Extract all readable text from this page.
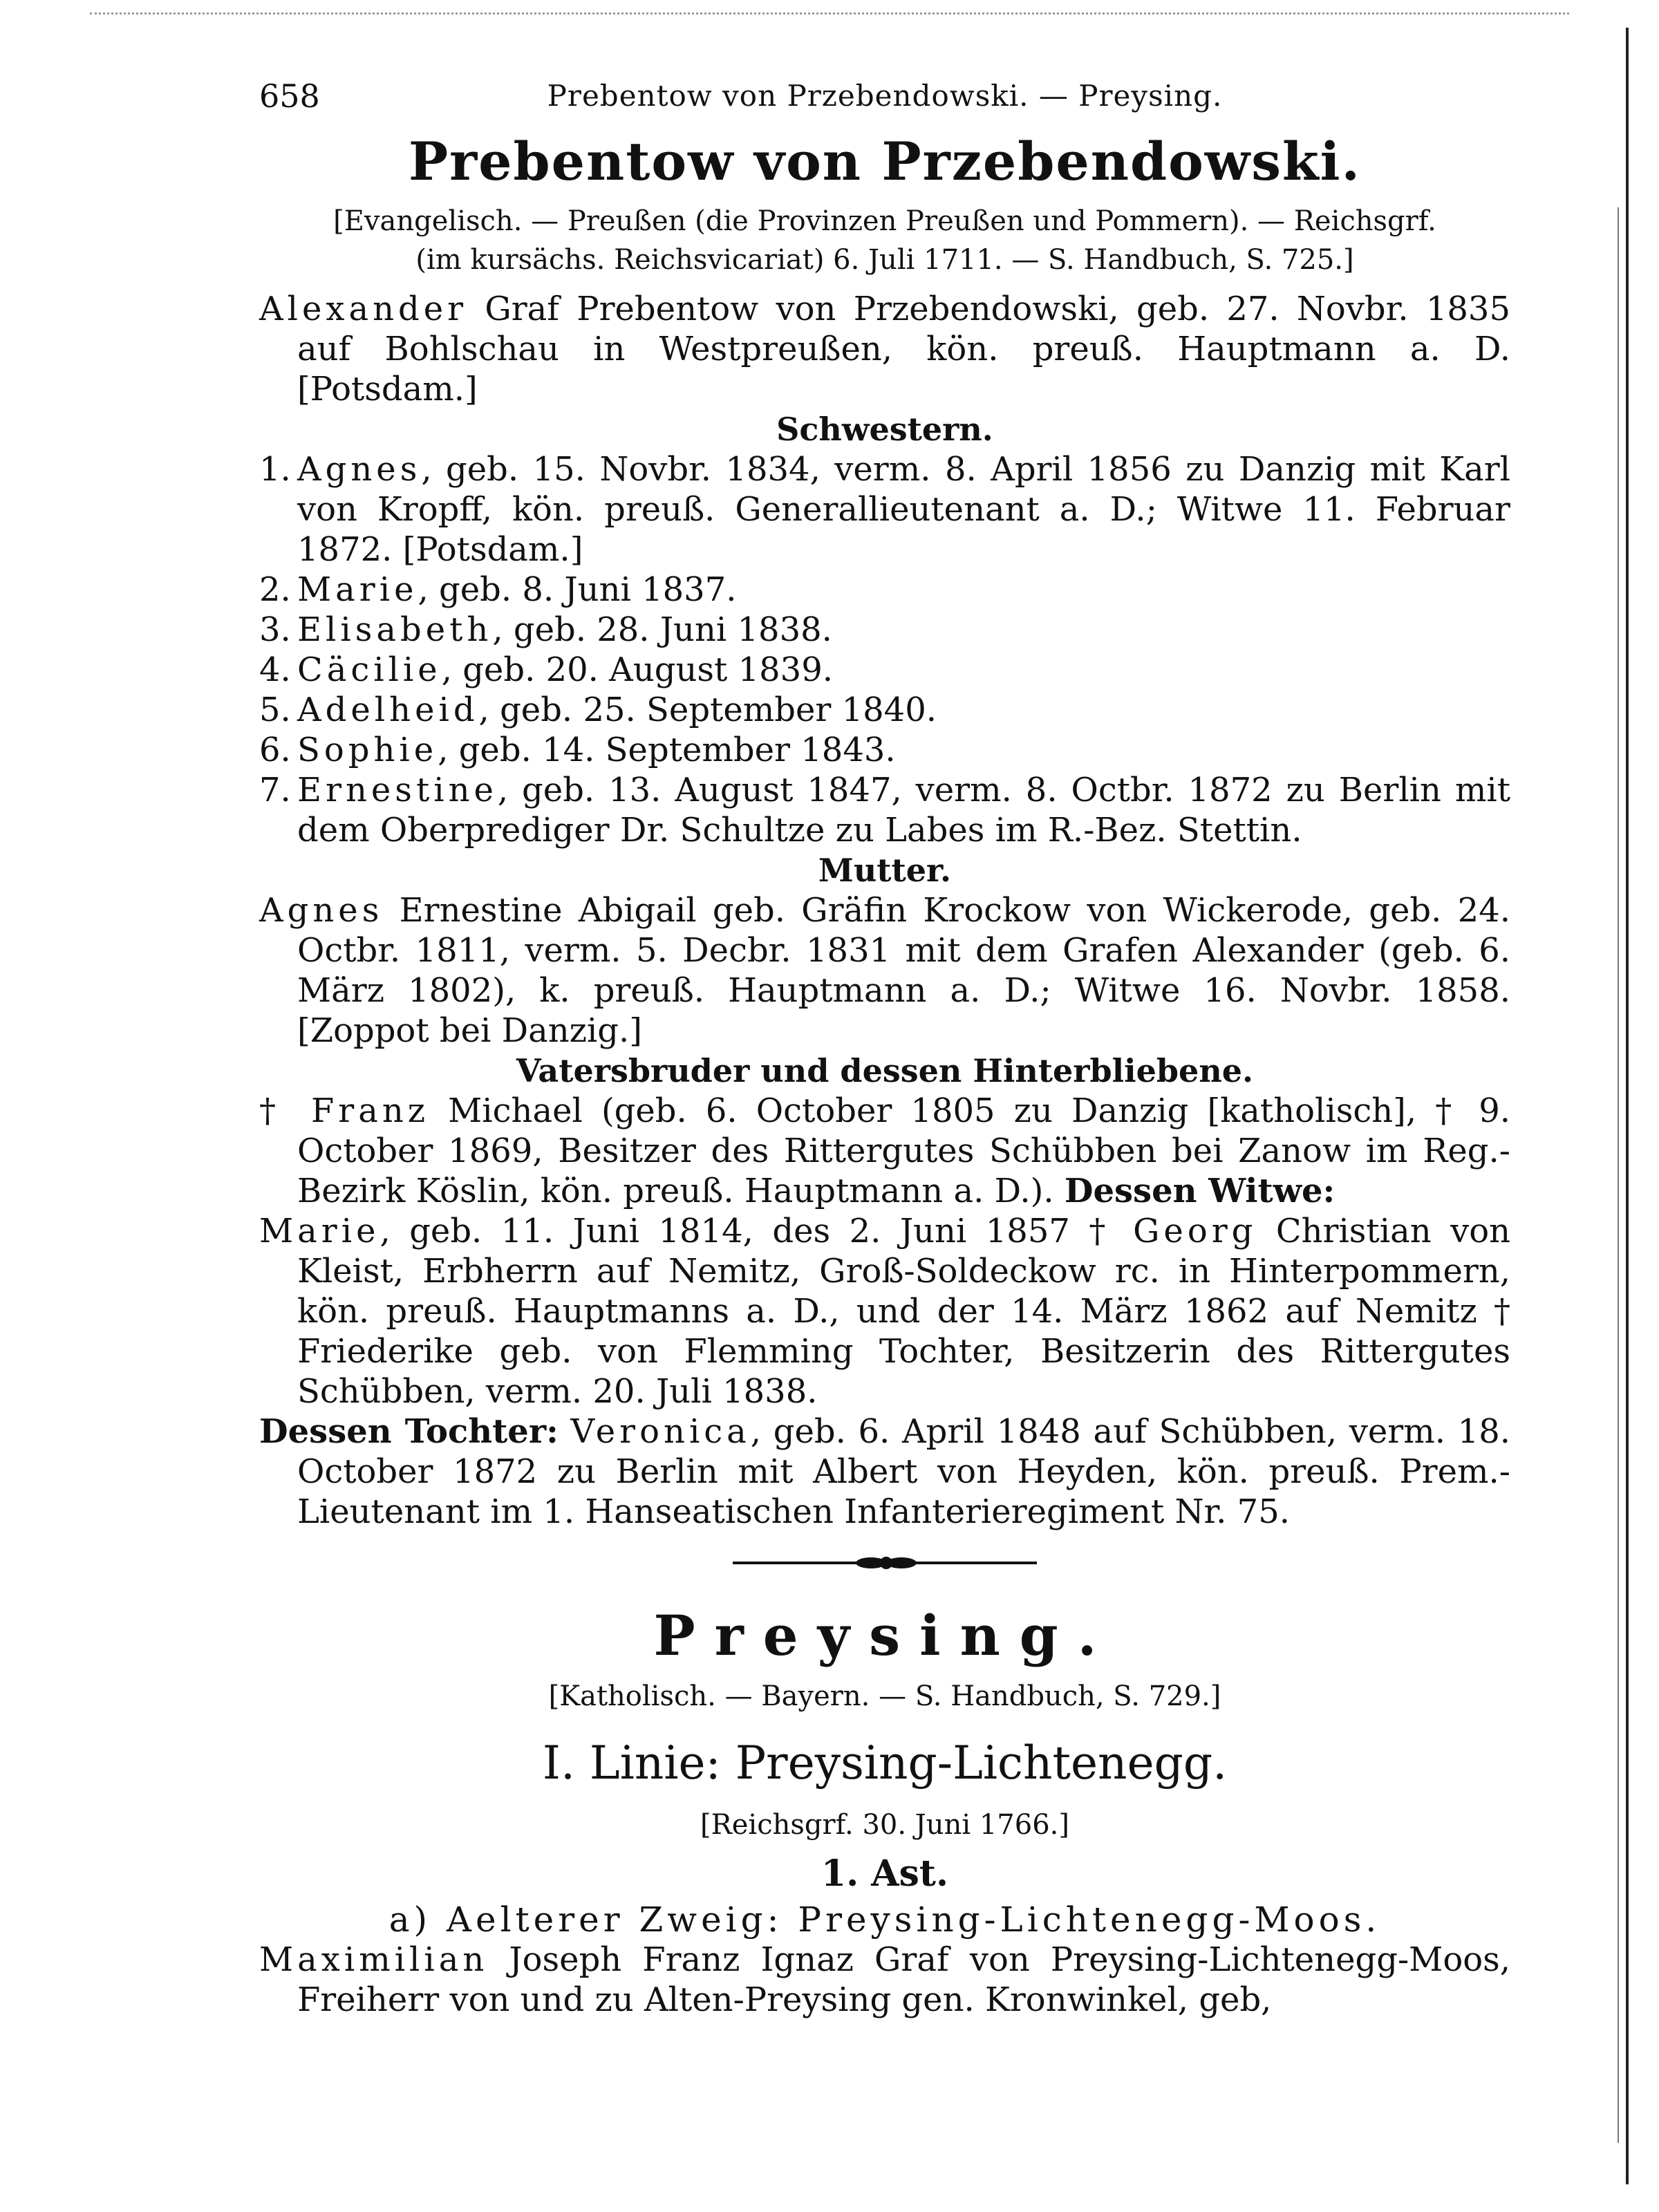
658	Prebentow von Przebendowski. — Preysing.
Prebentow von Przebendowski.

[Evangelisch. — Preußen (die Provinzen Preußen und Pommern). — Reichsgrf.

(im kursächs. Reichsvicariat) 6. Juli 1711. — S. Handbuch, S. 725.]

Alexander Graf Prebentow von Przebendowski, geb. 27. Novbr. 1835 auf Bohlschau in Westpreußen, kön. preuß. Hauptmann a. D. [Potsdam.]

Schwestern.

1. Agnes, geb. 15. Novbr. 1834, verm. 8. April 1856 zu Danzig mit Karl von Kropff, kön. preuß. Generallieutenant a. D.; Witwe 11. Februar 1872. [Potsdam.]
2. Marie, geb. 8. Juni 1837.
3. Elisabeth, geb. 28. Juni 1838.
4. Cäcilie, geb. 20. August 1839.
5. Adelheid, geb. 25. September 1840.
6. Sophie, geb. 14. September 1843.
7. Ernestine, geb. 13. August 1847, verm. 8. Octbr. 1872 zu Berlin mit dem Oberprediger Dr. Schultze zu Labes im R.-Bez. Stettin.

Mutter.

Agnes Ernestine Abigail geb. Gräfin Krockow von Wickerode, geb. 24. Octbr. 1811, verm. 5. Decbr. 1831 mit dem Grafen Alexander (geb. 6. März 1802), k. preuß. Hauptmann a. D.; Witwe 16. Novbr. 1858. [Zoppot bei Danzig.]

Vatersbruder und dessen Hinterbliebene.

† Franz Michael (geb. 6. October 1805 zu Danzig [katholisch], † 9. October 1869, Besitzer des Rittergutes Schübben bei Zanow im Reg.-Bezirk Köslin, kön. preuß. Hauptmann a. D.). Dessen Witwe:

Marie, geb. 11. Juni 1814, des 2. Juni 1857 † Georg Christian von Kleist, Erbherrn auf Nemitz, Groß-Soldeckow rc. in Hinterpommern, kön. preuß. Hauptmanns a. D., und der 14. März 1862 auf Nemitz † Friederike geb. von Flemming Tochter, Besitzerin des Rittergutes Schübben, verm. 20. Juli 1838.

Dessen Tochter: Veronica, geb. 6. April 1848 auf Schübben, verm. 18. October 1872 zu Berlin mit Albert von Heyden, kön. preuß. Prem.-Lieutenant im 1. Hanseatischen Infanterieregiment Nr. 75.

Preysing.
[Katholisch. — Bayern. — S. Handbuch, S. 729.]
I. Linie: Preysing-Lichtenegg.
[Reichsgrf. 30. Juni 1766.]
1. Ast.

a) Aelterer Zweig: Preysing-Lichtenegg-Moos.

Maximilian Joseph Franz Ignaz Graf von Preysing-Lichtenegg-Moos, Freiherr von und zu Alten-Preysing gen. Kronwinkel, geb,
